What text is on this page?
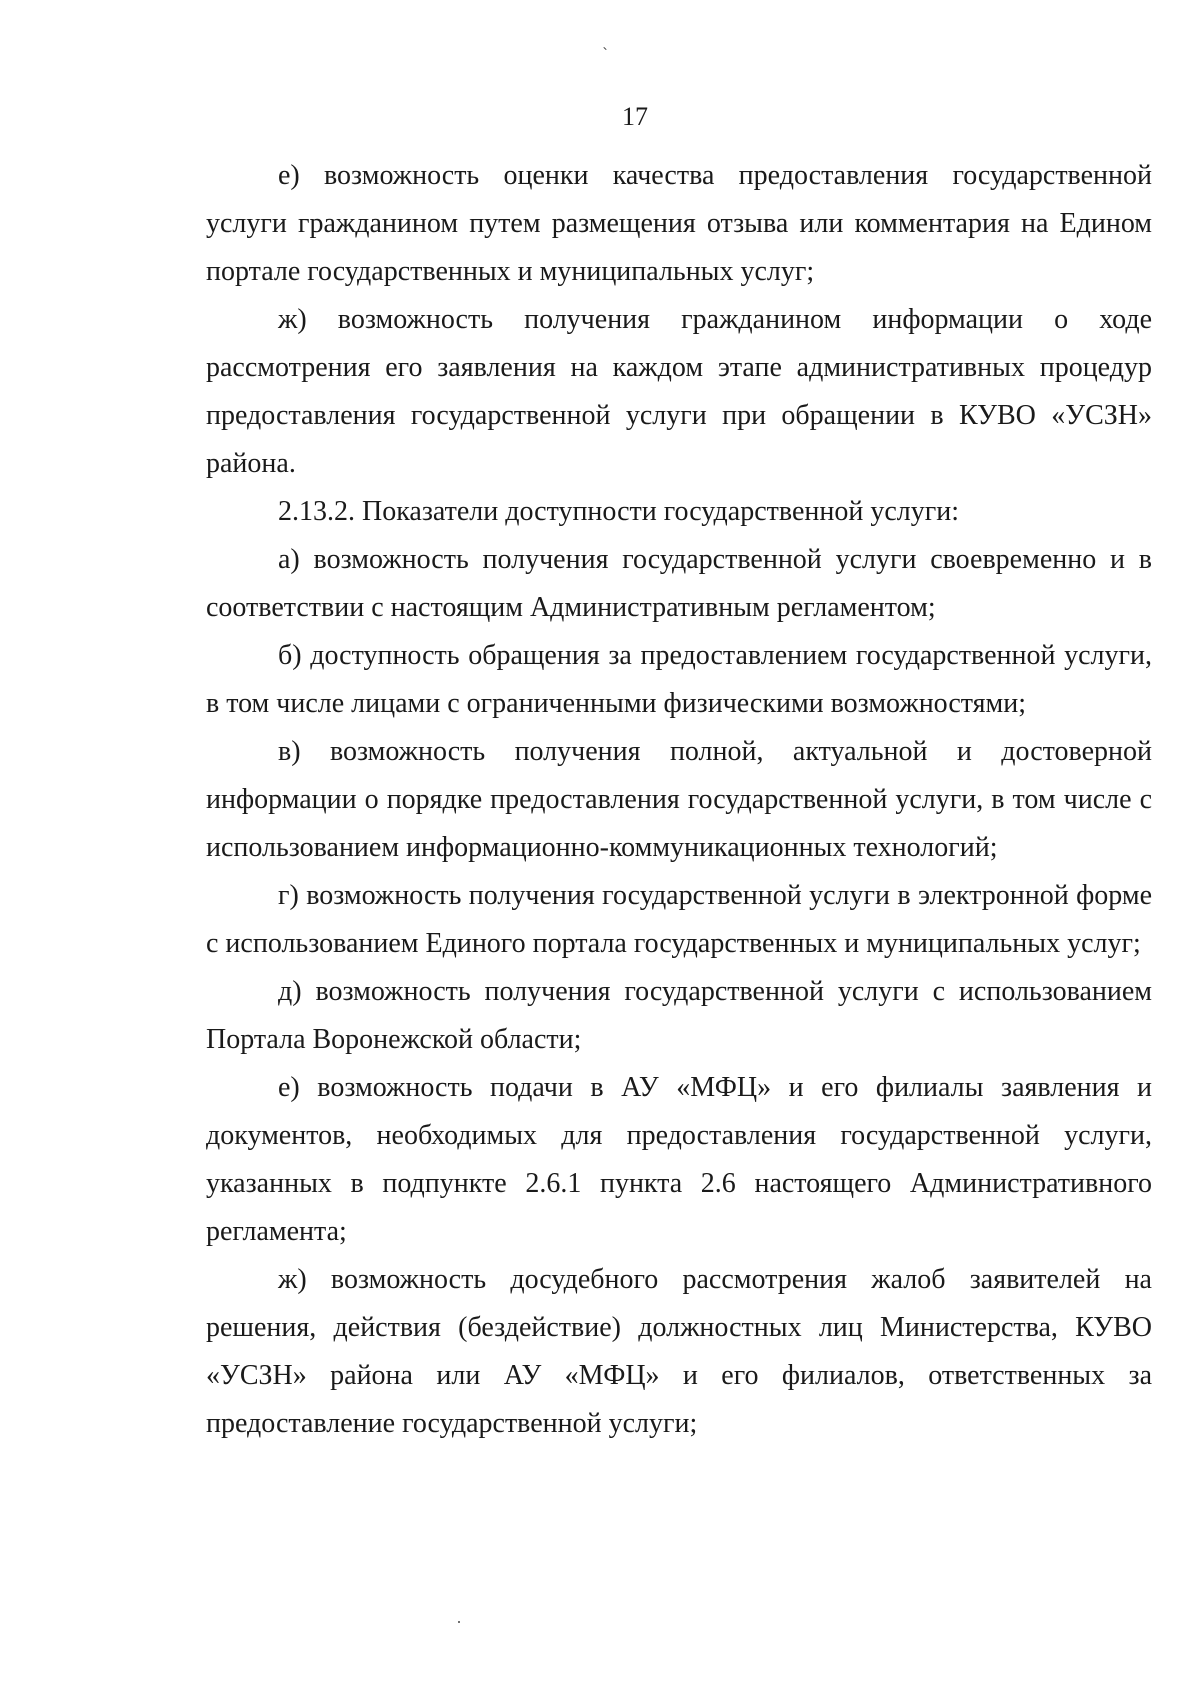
17

е) возможность оценки качества предоставления государственной услуги гражданином путем размещения отзыва или комментария на Едином портале государственных и муниципальных услуг;

ж) возможность получения гражданином информации о ходе рассмотрения его заявления на каждом этапе административных процедур предоставления государственной услуги при обращении в КУВО «УСЗН» района.

2.13.2. Показатели доступности государственной услуги:

а) возможность получения государственной услуги своевременно и в соответствии с настоящим Административным регламентом;

б) доступность обращения за предоставлением государственной услуги, в том числе лицами с ограниченными физическими возможностями;

в) возможность получения полной, актуальной и достоверной информации о порядке предоставления государственной услуги, в том числе с использованием информационно-коммуникационных технологий;

г) возможность получения государственной услуги в электронной форме с использованием Единого портала государственных и муниципальных услуг;

д) возможность получения государственной услуги с использованием Портала Воронежской области;

е) возможность подачи в АУ «МФЦ» и его филиалы заявления и документов, необходимых для предоставления государственной услуги, указанных в подпункте 2.6.1 пункта 2.6 настоящего Административного регламента;

ж) возможность досудебного рассмотрения жалоб заявителей на решения, действия (бездействие) должностных лиц Министерства, КУВО «УСЗН» района или АУ «МФЦ» и его филиалов, ответственных за предоставление государственной услуги;
